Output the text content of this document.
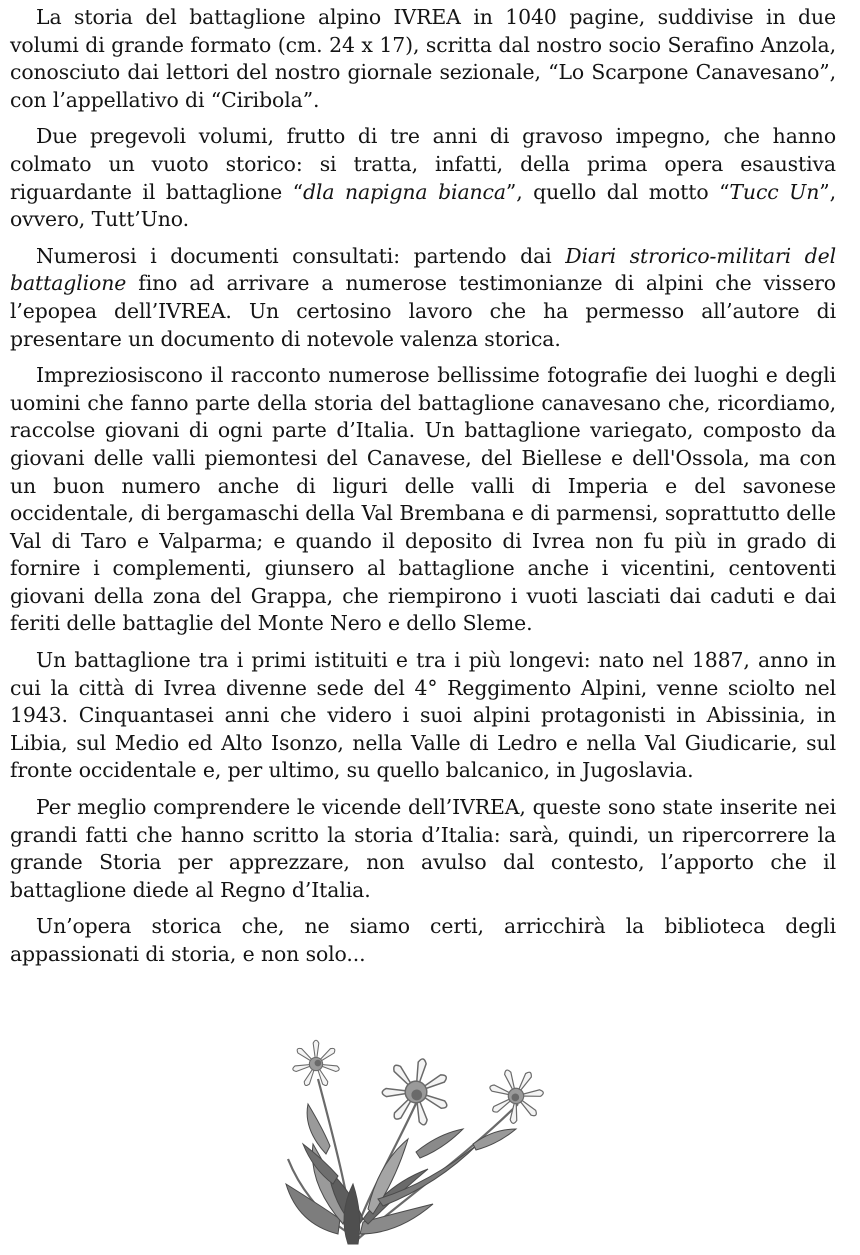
La storia del battaglione alpino IVREA in 1040 pagine, suddivise in due volumi di grande formato (cm. 24 x 17), scritta dal nostro socio Serafino Anzola, conosciuto dai lettori del nostro giornale sezionale, “Lo Scarpone Canavesano”, con l’appellativo di “Ciribola”.

Due pregevoli volumi, frutto di tre anni di gravoso impegno, che hanno colmato un vuoto storico: si tratta, infatti, della prima opera esaustiva riguardante il battaglione “dla napigna bianca”, quello dal motto “Tucc Un”, ovvero, Tutt’Uno.

Numerosi i documenti consultati: partendo dai Diari strorico-militari del battaglione fino ad arrivare a numerose testimonianze di alpini che vissero l’epopea dell’IVREA. Un certosino lavoro che ha permesso all’autore di presentare un documento di notevole valenza storica.

Impreziosiscono il racconto numerose bellissime fotografie dei luoghi e degli uomini che fanno parte della storia del battaglione canavesano che, ricordiamo, raccolse giovani di ogni parte d’Italia. Un battaglione variegato, composto da giovani delle valli piemontesi del Canavese, del Biellese e dell'Ossola, ma con un buon numero anche di liguri delle valli di Imperia e del savonese occidentale, di bergamaschi della Val Brembana e di parmensi, soprattutto delle Val di Taro e Valparma; e quando il deposito di Ivrea non fu più in grado di fornire i complementi, giunsero al battaglione anche i vicentini, centoventi giovani della zona del Grappa, che riempirono i vuoti lasciati dai caduti e dai feriti delle battaglie del Monte Nero e dello Sleme.

Un battaglione tra i primi istituiti e tra i più longevi: nato nel 1887, anno in cui la città di Ivrea divenne sede del 4° Reggimento Alpini, venne sciolto nel 1943. Cinquantasei anni che videro i suoi alpini protagonisti in Abissinia, in Libia, sul Medio ed Alto Isonzo, nella Valle di Ledro e nella Val Giudicarie, sul fronte occidentale e, per ultimo, su quello balcanico, in Jugoslavia.

Per meglio comprendere le vicende dell’IVREA, queste sono state inserite nei grandi fatti che hanno scritto la storia d’Italia: sarà, quindi, un ripercorrere la grande Storia per apprezzare, non avulso dal contesto, l’apporto che il battaglione diede al Regno d’Italia.

Un’opera storica che, ne siamo certi, arricchirà la biblioteca degli appassionati di storia, e non solo...
